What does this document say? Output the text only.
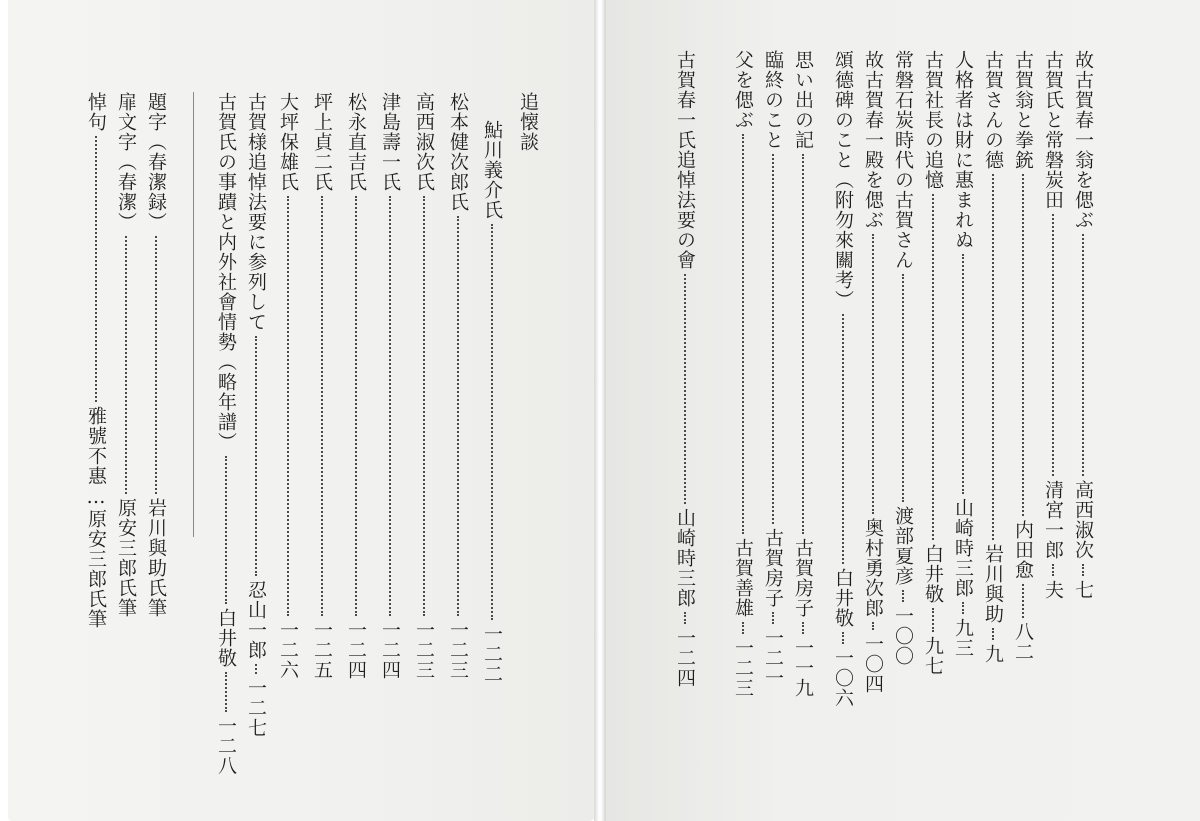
故古賀春一翁を偲ぶ高西淑次七
古賀氏と常磐炭田清宮一郎夫
古賀翁と拳銃内田愈八二
古賀さんの德岩川與助九
人格者は財に惠まれぬ山崎時三郎九三
古賀社長の追憶白井敬九七
常磐石炭時代の古賀さん渡部夏彦一〇〇
故古賀春一殿を偲ぶ奥村勇次郎一〇四
頌德碑のこと（附勿來關考）白井敬一〇六
思い出の記古賀房子一一九
臨終のこと古賀房子一二一
父を偲ぶ古賀善雄一二三
古賀春一氏追悼法要の會山崎時三郎一二四
追懐談
鮎川義介氏一二二
松本健次郎氏一二三
高西淑次氏一二三
津島壽一氏一二四
松永直吉氏一二四
坪上貞二氏一二五
大坪保雄氏一二六
古賀様追悼法要に参列して忍山一郎一二七
古賀氏の事蹟と内外社會情勢（略年譜）白井敬一二八
題字（春潔録）岩川與助氏筆
扉文字（春潔）原安三郎氏筆
悼句雅號不惠…原安三郎氏筆
